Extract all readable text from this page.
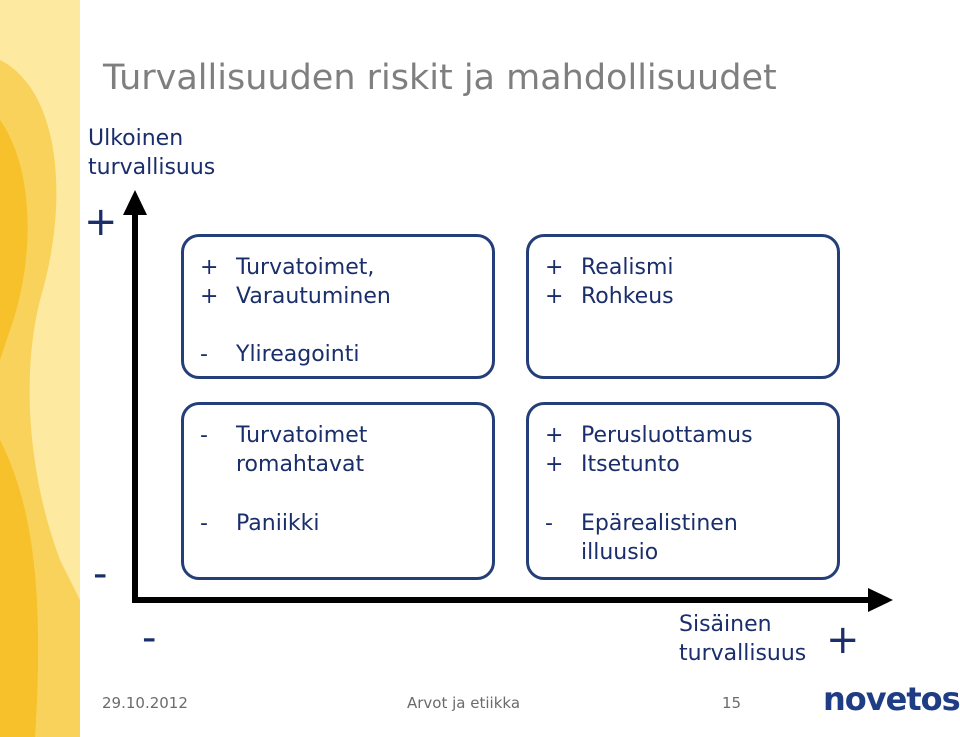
Turvallisuuden riskit ja mahdollisuudet
Ulkoinen
turvallisuus
+
-
-	+
+ Turvatoimet,
+ Varautuminen
- Ylireagointi
+ Realismi
+ Rohkeus
- Turvatoimet
romahtavat
- Paniikki
+ Perusluottamus
+ Itsetunto
- Epärealistinen
illuusio
Sisäinen
turvallisuus
29.10.2012	Arvot ja etiikka	15	novetos
